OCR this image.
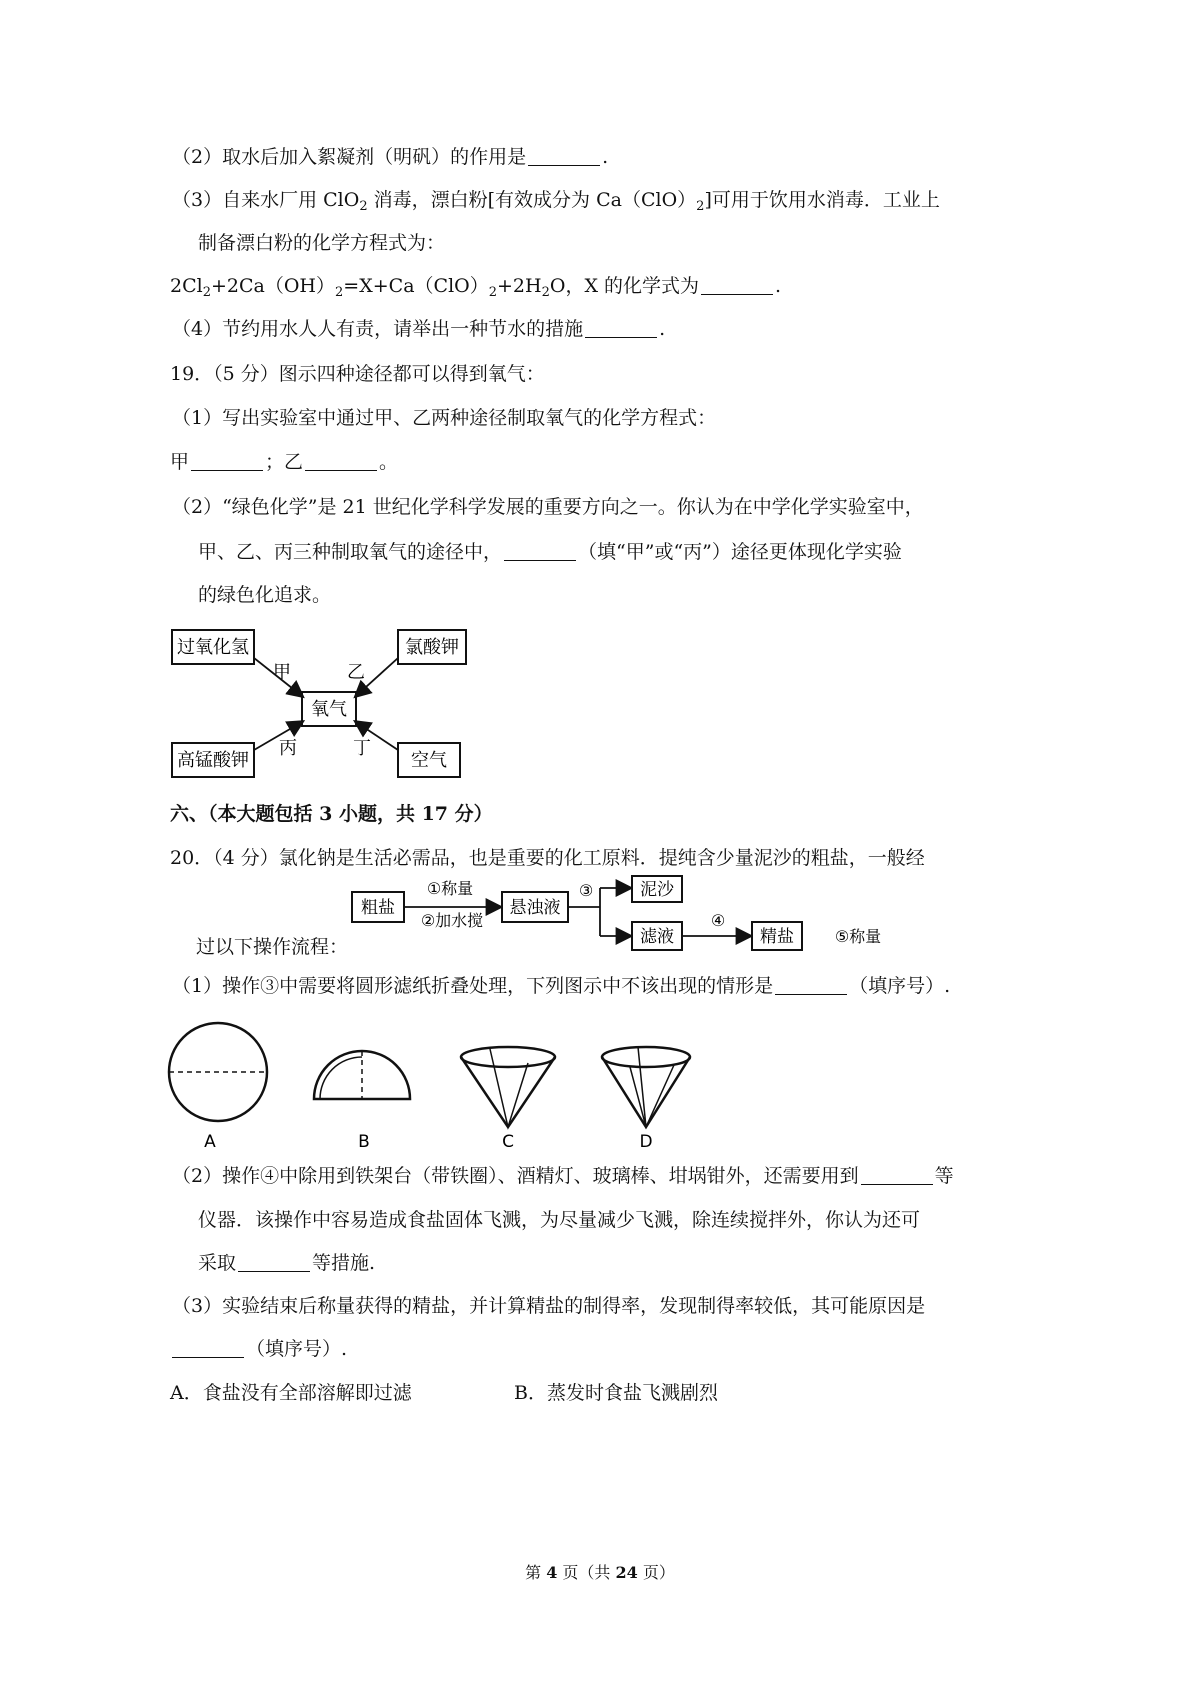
（2）取水后加入絮凝剂（明矾）的作用是	.
（3）自来水厂用 ClO$_2$ 消毒，漂白粉[有效成分为 $Ca(ClO)_2$]可用于饮用水消毒．工业上
制备漂白粉的化学方程式为：
$2Cl_2+2Ca(OH)_2=X+Ca(ClO)_2+2H_2O$，X 的化学式为	.
（4）节约用水人人有责，请举出一种节水的措施	.
19．（5 分）图示四种途径都可以得到氧气：
（1）写出实验室中通过甲、乙两种途径制取氧气的化学方程式：
甲	；乙	。
（2）“绿色化学”是 21 世纪化学科学发展的重要方向之一。你认为在中学化学实验室中，
甲、乙、丙三种制取氧气的途径中，	（填“甲”或“丙”）途径更体现化学实验
的绿色化追求。
过氧化氢	氯酸钾
氧气
高锰酸钾	空气
甲	乙
丙	丁
六、（本大题包括 3 小题，共 17 分）
20．（4 分）氯化钠是生活必需品，也是重要的化工原料．提纯含少量泥沙的粗盐，一般经
粗盐
①称量
②加水搅
悬浊液
③	泥沙
滤液
④
精盐	⑤称量
过以下操作流程：
（1）操作③中需要将圆形滤纸折叠处理，下列图示中不该出现的情形是	（填序号）.
A	B	C	D
（2）操作④中除用到铁架台（带铁圈）、酒精灯、玻璃棒、坩埚钳外，还需要用到	等
仪器．该操作中容易造成食盐固体飞溅，为尽量减少飞溅，除连续搅拌外，你认为还可
采取	等措施.
（3）实验结束后称量获得的精盐，并计算精盐的制得率，发现制得率较低，其可能原因是
（填序号）.
A．食盐没有全部溶解即过滤	B．蒸发时食盐飞溅剧烈
第 4 页（共 24 页）
